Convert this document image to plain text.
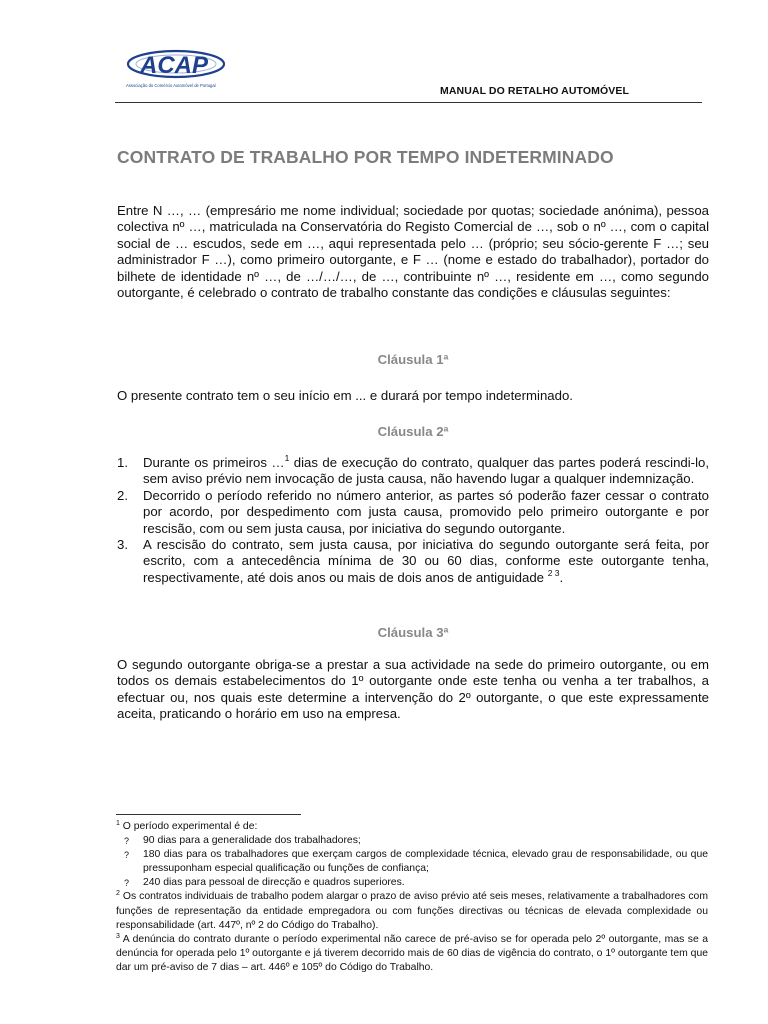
ACAP
Associação do Comércio Automóvel de Portugal	MANUAL DO RETALHO AUTOMÓVEL
CONTRATO DE TRABALHO POR TEMPO INDETERMINADO
Entre N …, … (empresário me nome individual; sociedade por quotas; sociedade anónima), pessoa colectiva nº …, matriculada na Conservatória do Registo Comercial de …, sob o nº …, com o capital social de … escudos, sede em …, aqui representada pelo … (próprio; seu sócio-gerente F …; seu administrador F …), como primeiro outorgante, e F … (nome e estado do trabalhador), portador do bilhete de identidade nº …, de …/…/…, de …, contribuinte nº …, residente em …, como segundo outorgante, é celebrado o contrato de trabalho constante das condições e cláusulas seguintes:
Cláusula 1ª
O presente contrato tem o seu início em ... e durará por tempo indeterminado.
Cláusula 2ª
1. Durante os primeiros …$^1$ dias de execução do contrato, qualquer das partes poderá rescindi-lo, sem aviso prévio nem invocação de justa causa, não havendo lugar a qualquer indemnização.
2. Decorrido o período referido no número anterior, as partes só poderão fazer cessar o contrato por acordo, por despedimento com justa causa, promovido pelo primeiro outorgante e por rescisão, com ou sem justa causa, por iniciativa do segundo outorgante.
3. A rescisão do contrato, sem justa causa, por iniciativa do segundo outorgante será feita, por escrito, com a antecedência mínima de 30 ou 60 dias, conforme este outorgante tenha, respectivamente, até dois anos ou mais de dois anos de antiguidade $^{2 3}$.
Cláusula 3ª
O segundo outorgante obriga-se a prestar a sua actividade na sede do primeiro outorgante, ou em todos os demais estabelecimentos do 1º outorgante onde este tenha ou venha a ter trabalhos, a efectuar ou, nos quais este determine a intervenção do 2º outorgante, o que este expressamente aceita, praticando o horário em uso na empresa.
$^1$ O período experimental é de:
? 90 dias para a generalidade dos trabalhadores;
? 180 dias para os trabalhadores que exerçam cargos de complexidade técnica, elevado grau de responsabilidade, ou que pressuponham especial qualificação ou funções de confiança;
? 240 dias para pessoal de direcção e quadros superiores.
$^2$ Os contratos individuais de trabalho podem alargar o prazo de aviso prévio até seis meses, relativamente a trabalhadores com funções de representação da entidade empregadora ou com funções directivas ou técnicas de elevada complexidade ou responsabilidade (art. 447º, nº 2 do Código do Trabalho).
$^3$ A denúncia do contrato durante o período experimental não carece de pré-aviso se for operada pelo 2º outorgante, mas se a denúncia for operada pelo 1º outorgante e já tiverem decorrido mais de 60 dias de vigência do contrato, o 1º outorgante tem que dar um pré-aviso de 7 dias – art. 446º e 105º do Código do Trabalho.
